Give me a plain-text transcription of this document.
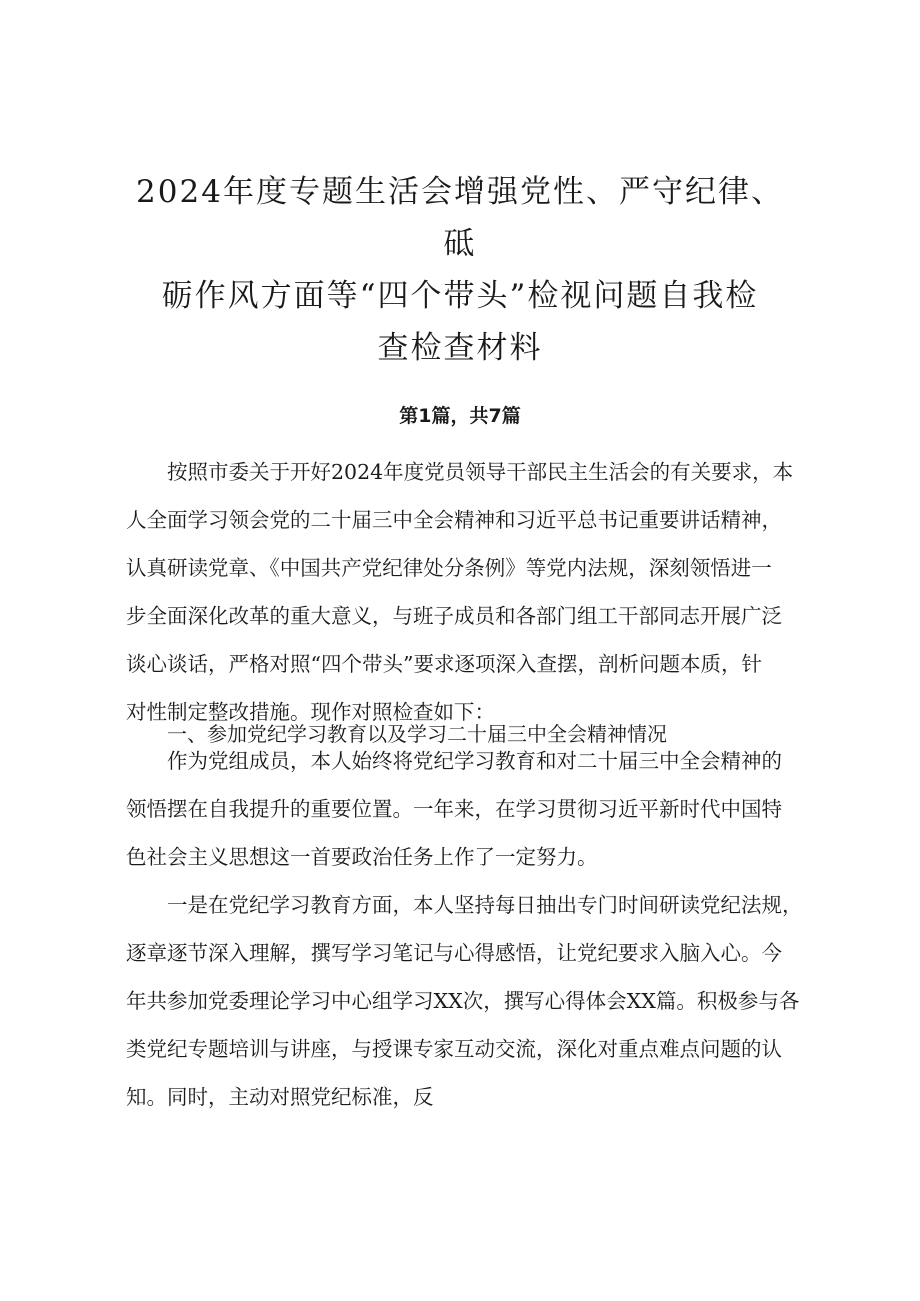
2024年度专题生活会增强党性、严守纪律、砥
砺作风方面等“四个带头”检视问题自我检
查检查材料

第1篇，共7篇

按照市委关于开好2024年度党员领导干部民主生活会的有关要求，本
人全面学习领会党的二十届三中全会精神和习近平总书记重要讲话精神，
认真研读党章、《中国共产党纪律处分条例》等党内法规，深刻领悟进一
步全面深化改革的重大意义，与班子成员和各部门组工干部同志开展广泛
谈心谈话，严格对照“四个带头”要求逐项深入查摆，剖析问题本质，针
对性制定整改措施。现作对照检查如下：
一、参加党纪学习教育以及学习二十届三中全会精神情况
作为党组成员，本人始终将党纪学习教育和对二十届三中全会精神的
领悟摆在自我提升的重要位置。一年来，在学习贯彻习近平新时代中国特
色社会主义思想这一首要政治任务上作了一定努力。
一是在党纪学习教育方面，本人坚持每日抽出专门时间研读党纪法规，
逐章逐节深入理解，撰写学习笔记与心得感悟，让党纪要求入脑入心。今
年共参加党委理论学习中心组学习XX次，撰写心得体会XX篇。积极参与各
类党纪专题培训与讲座，与授课专家互动交流，深化对重点难点问题的认
知。同时，主动对照党纪标准，反
